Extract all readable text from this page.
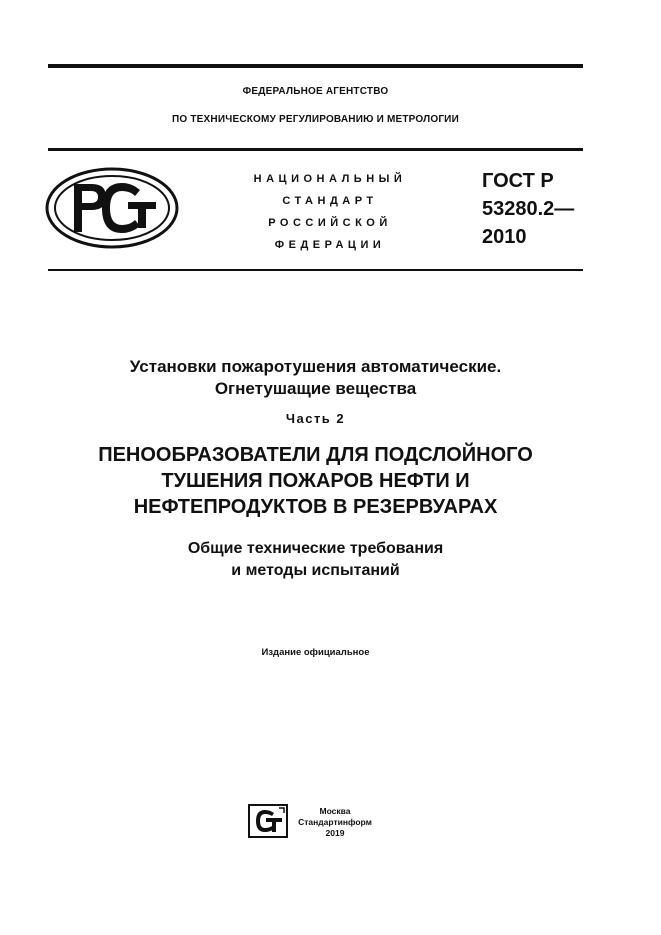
ФЕДЕРАЛЬНОЕ АГЕНТСТВО
ПО ТЕХНИЧЕСКОМУ РЕГУЛИРОВАНИЮ И МЕТРОЛОГИИ
НАЦИОНАЛЬНЫЙ
СТАНДАРТ
РОССИЙСКОЙ
ФЕДЕРАЦИИ
ГОСТ Р
53280.2—
2010
Установки пожаротушения автоматические.
Огнетушащие вещества
Часть 2
ПЕНООБРАЗОВАТЕЛИ ДЛЯ ПОДСЛОЙНОГО
ТУШЕНИЯ ПОЖАРОВ НЕФТИ И
НЕФТЕПРОДУКТОВ В РЕЗЕРВУАРАХ
Общие технические требования
и методы испытаний
Издание официальное
Москва
Стандартинформ
2019
